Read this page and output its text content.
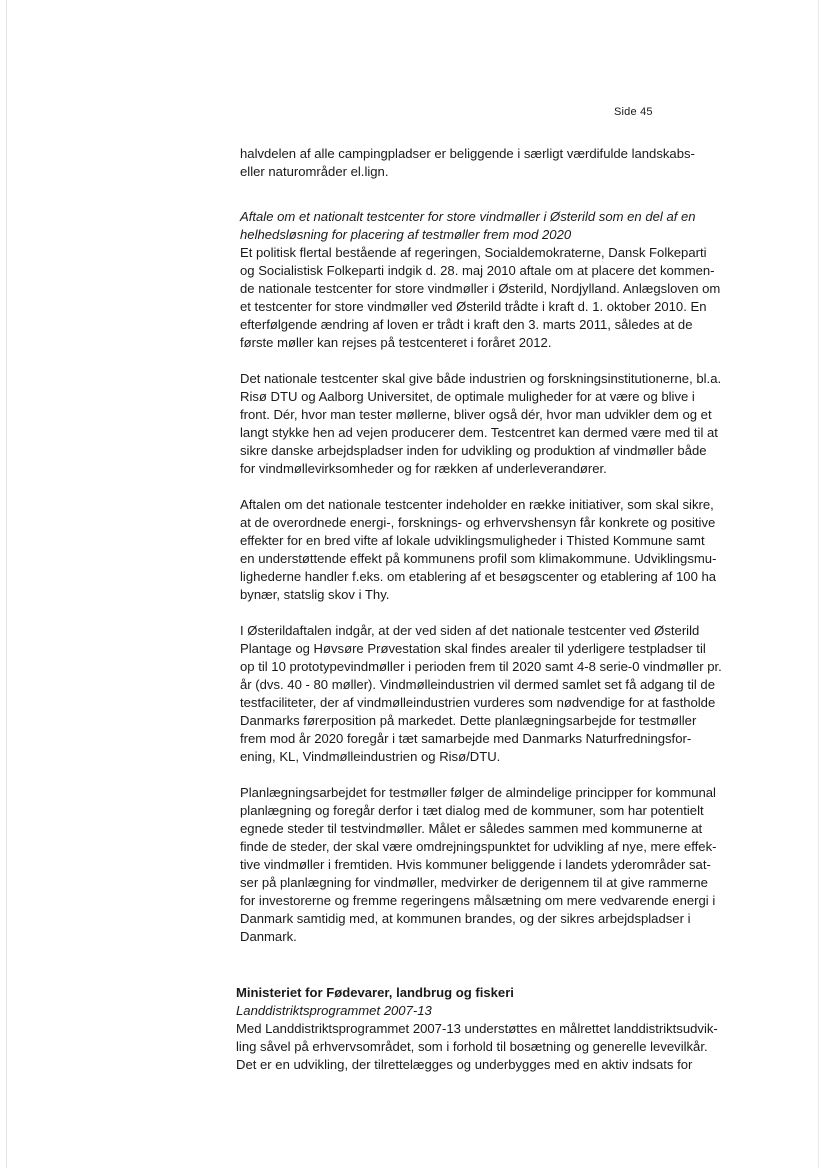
Side 45

halvdelen af alle campingpladser er beliggende i særligt værdifulde landskabs-
eller naturområder el.lign.

Aftale om et nationalt testcenter for store vindmøller i Østerild som en del af en
helhedsløsning for placering af testmøller frem mod 2020

Et politisk flertal bestående af regeringen, Socialdemokraterne, Dansk Folkeparti
og Socialistisk Folkeparti indgik d. 28. maj 2010 aftale om at placere det kommen-
de nationale testcenter for store vindmøller i Østerild, Nordjylland. Anlægsloven om
et testcenter for store vindmøller ved Østerild trådte i kraft d. 1. oktober 2010. En
efterfølgende ændring af loven er trådt i kraft den 3. marts 2011, således at de
første møller kan rejses på testcenteret i foråret 2012.

Det nationale testcenter skal give både industrien og forskningsinstitutionerne, bl.a.
Risø DTU og Aalborg Universitet, de optimale muligheder for at være og blive i
front. Dér, hvor man tester møllerne, bliver også dér, hvor man udvikler dem og et
langt stykke hen ad vejen producerer dem. Testcentret kan dermed være med til at
sikre danske arbejdspladser inden for udvikling og produktion af vindmøller både
for vindmøllevirksomheder og for rækken af underleverandører.

Aftalen om det nationale testcenter indeholder en række initiativer, som skal sikre,
at de overordnede energi-, forsknings- og erhvervshensyn får konkrete og positive
effekter for en bred vifte af lokale udviklingsmuligheder i Thisted Kommune samt
en understøttende effekt på kommunens profil som klimakommune. Udviklingsmu-
lighederne handler f.eks. om etablering af et besøgscenter og etablering af 100 ha
bynær, statslig skov i Thy.

I Østerildaftalen indgår, at der ved siden af det nationale testcenter ved Østerild
Plantage og Høvsøre Prøvestation skal findes arealer til yderligere testpladser til
op til 10 prototypevindmøller i perioden frem til 2020 samt 4-8 serie-0 vindmøller pr.
år (dvs. 40 - 80 møller). Vindmølleindustrien vil dermed samlet set få adgang til de
testfaciliteter, der af vindmølleindustrien vurderes som nødvendige for at fastholde
Danmarks førerposition på markedet. Dette planlægningsarbejde for testmøller
frem mod år 2020 foregår i tæt samarbejde med Danmarks Naturfredningsfor-
ening, KL, Vindmølleindustrien og Risø/DTU.

Planlægningsarbejdet for testmøller følger de almindelige principper for kommunal
planlægning og foregår derfor i tæt dialog med de kommuner, som har potentielt
egnede steder til testvindmøller. Målet er således sammen med kommunerne at
finde de steder, der skal være omdrejningspunktet for udvikling af nye, mere effek-
tive vindmøller i fremtiden. Hvis kommuner beliggende i landets yderområder sat-
ser på planlægning for vindmøller, medvirker de derigennem til at give rammerne
for investorerne og fremme regeringens målsætning om mere vedvarende energi i
Danmark samtidig med, at kommunen brandes, og der sikres arbejdspladser i
Danmark.

Ministeriet for Fødevarer, landbrug og fiskeri

Landdistriktsprogrammet 2007-13

Med Landdistriktsprogrammet 2007-13 understøttes en målrettet landdistriktsudvik-
ling såvel på erhvervsområdet, som i forhold til bosætning og generelle levevilkår.
Det er en udvikling, der tilrettelægges og underbygges med en aktiv indsats for
